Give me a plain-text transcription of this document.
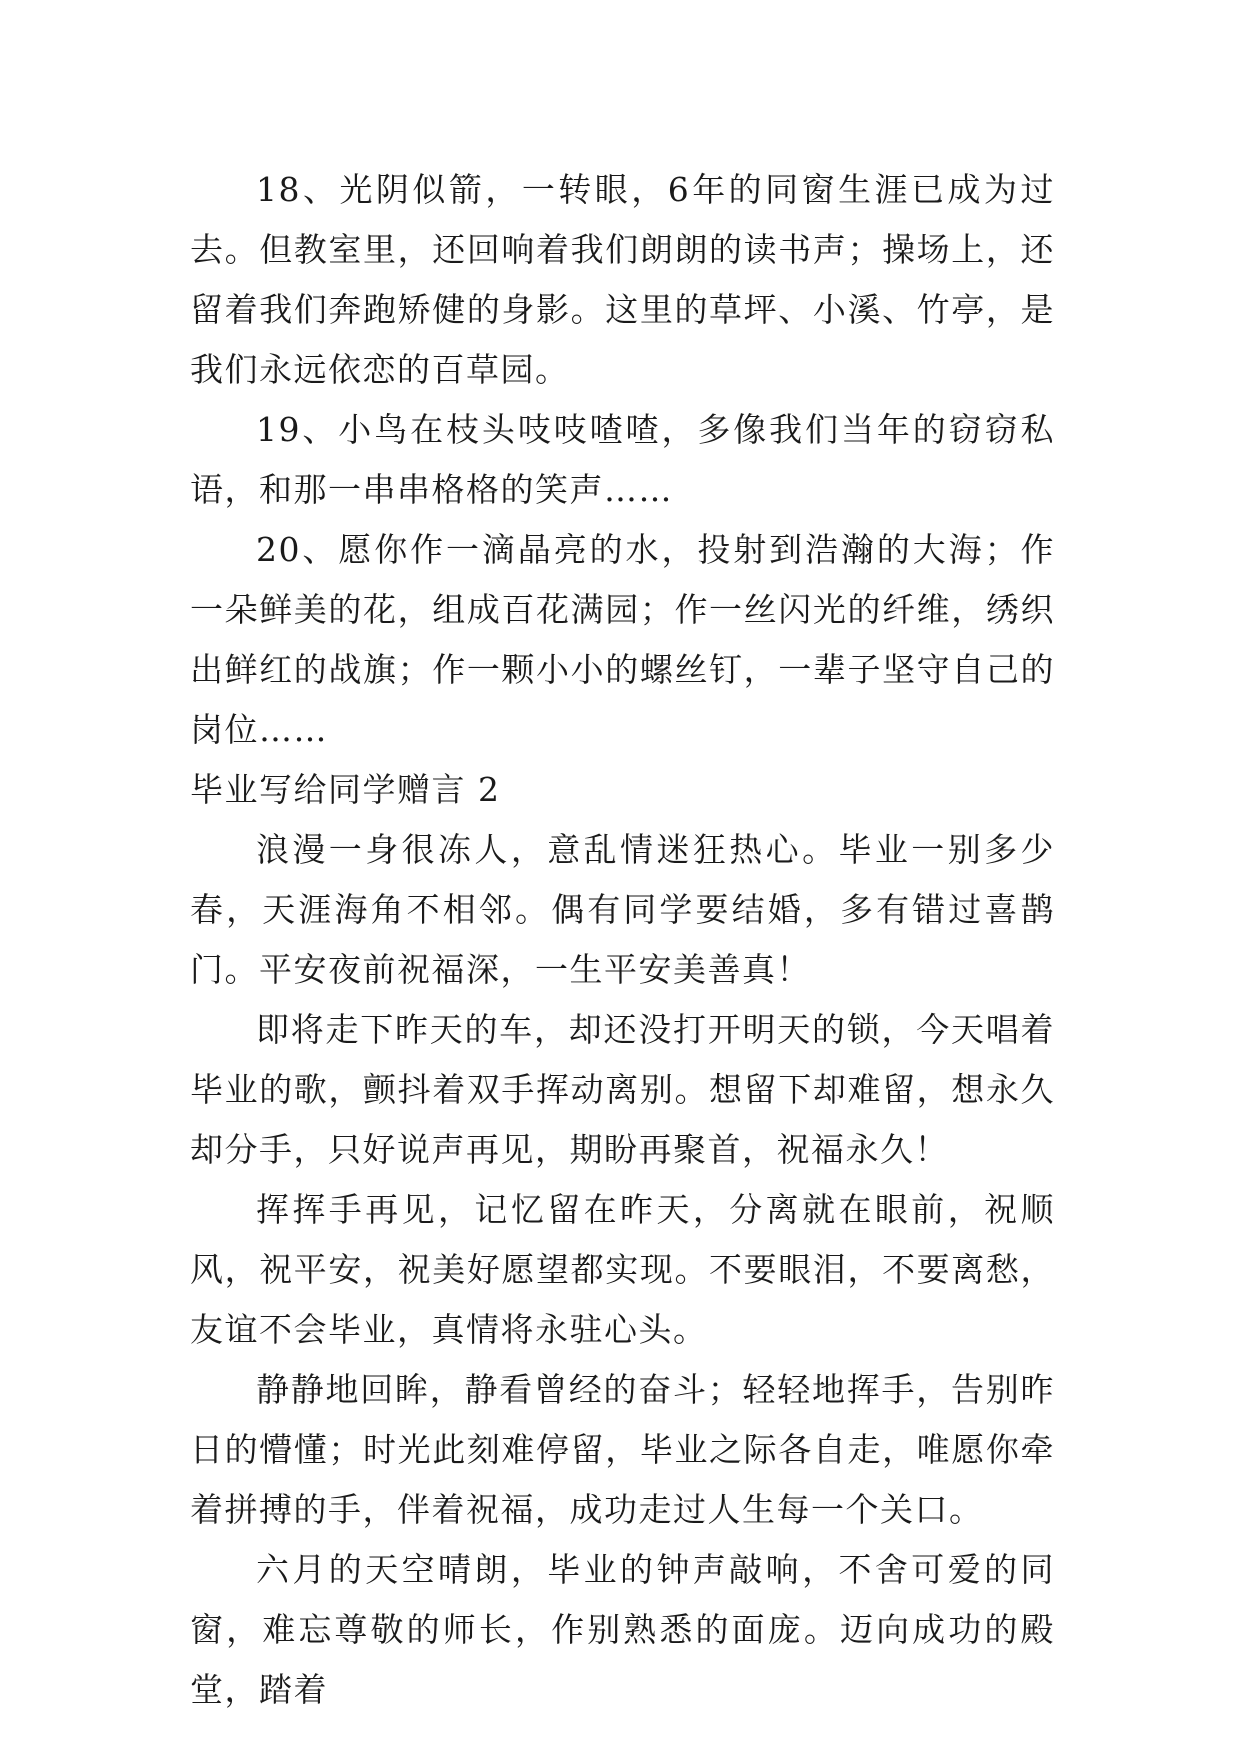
18、光阴似箭，一转眼，6年的同窗生涯已成为过去。但教室里，还回响着我们朗朗的读书声；操场上，还留着我们奔跑矫健的身影。这里的草坪、小溪、竹亭，是我们永远依恋的百草园。

19、小鸟在枝头吱吱喳喳，多像我们当年的窃窃私语，和那一串串格格的笑声……

20、愿你作一滴晶亮的水，投射到浩瀚的大海；作一朵鲜美的花，组成百花满园；作一丝闪光的纤维，绣织出鲜红的战旗；作一颗小小的螺丝钉，一辈子坚守自己的岗位……

毕业写给同学赠言 2

浪漫一身很冻人，意乱情迷狂热心。毕业一别多少春，天涯海角不相邻。偶有同学要结婚，多有错过喜鹊门。平安夜前祝福深，一生平安美善真！

即将走下昨天的车，却还没打开明天的锁，今天唱着毕业的歌，颤抖着双手挥动离别。想留下却难留，想永久却分手，只好说声再见，期盼再聚首，祝福永久！

挥挥手再见，记忆留在昨天，分离就在眼前，祝顺风，祝平安，祝美好愿望都实现。不要眼泪，不要离愁，友谊不会毕业，真情将永驻心头。

静静地回眸，静看曾经的奋斗；轻轻地挥手，告别昨日的懵懂；时光此刻难停留，毕业之际各自走，唯愿你牵着拼搏的手，伴着祝福，成功走过人生每一个关口。

六月的天空晴朗，毕业的钟声敲响，不舍可爱的同窗，难忘尊敬的师长，作别熟悉的面庞。迈向成功的殿堂，踏着
